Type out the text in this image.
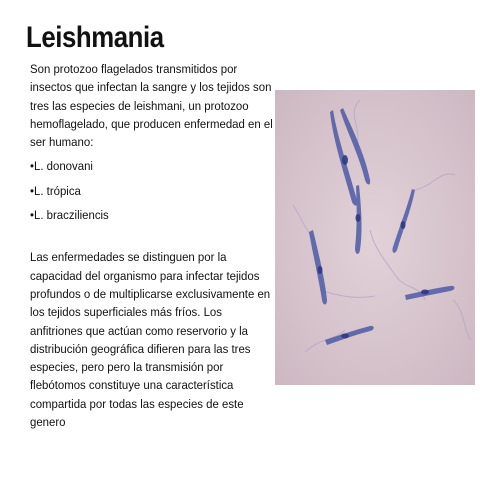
Leishmania

Son protozoo flagelados transmitidos por insectos que infectan la sangre y los tejidos son tres las especies de leishmani, un protozoo hemoflagelado, que producen enfermedad en el ser humano:

•L. donovani
•L. trópica
•L. bracziliencis

Las enfermedades se distinguen por la capacidad del organismo para infectar tejidos profundos o de multiplicarse exclusivamente en los tejidos superficiales más fríos. Los anfitriones que actúan como reservorio y la distribución geográfica difieren para las tres especies, pero pero la transmisión por flebótomos constituye una característica compartida por todas las especies de este genero
